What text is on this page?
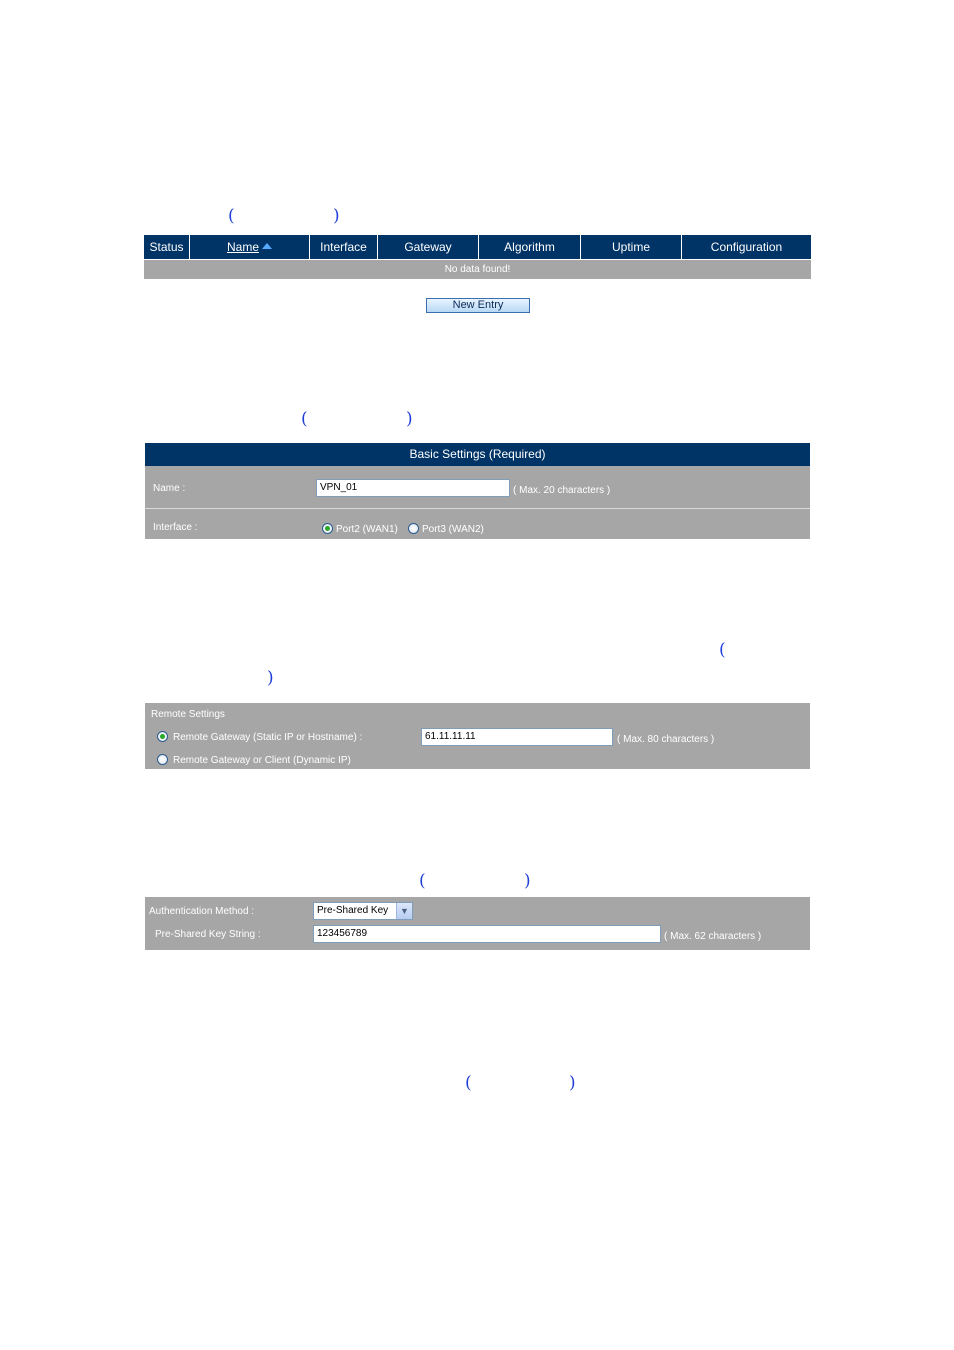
(	)
Status	Name	Interface	Gateway	Algorithm	Uptime	Configuration
No data found!
New Entry
(	)
Basic Settings (Required)
Name :	VPN_01	( Max. 20 characters )
Interface :	Port2 (WAN1) Port3 (WAN2)
(
)
Remote Settings
Remote Gateway (Static IP or Hostname) :	61.11.11.11	( Max. 80 characters )
Remote Gateway or Client (Dynamic IP)
(	)
Authentication Method :	Pre-Shared Key	▼
Pre-Shared Key String :	123456789	( Max. 62 characters )
(	)
